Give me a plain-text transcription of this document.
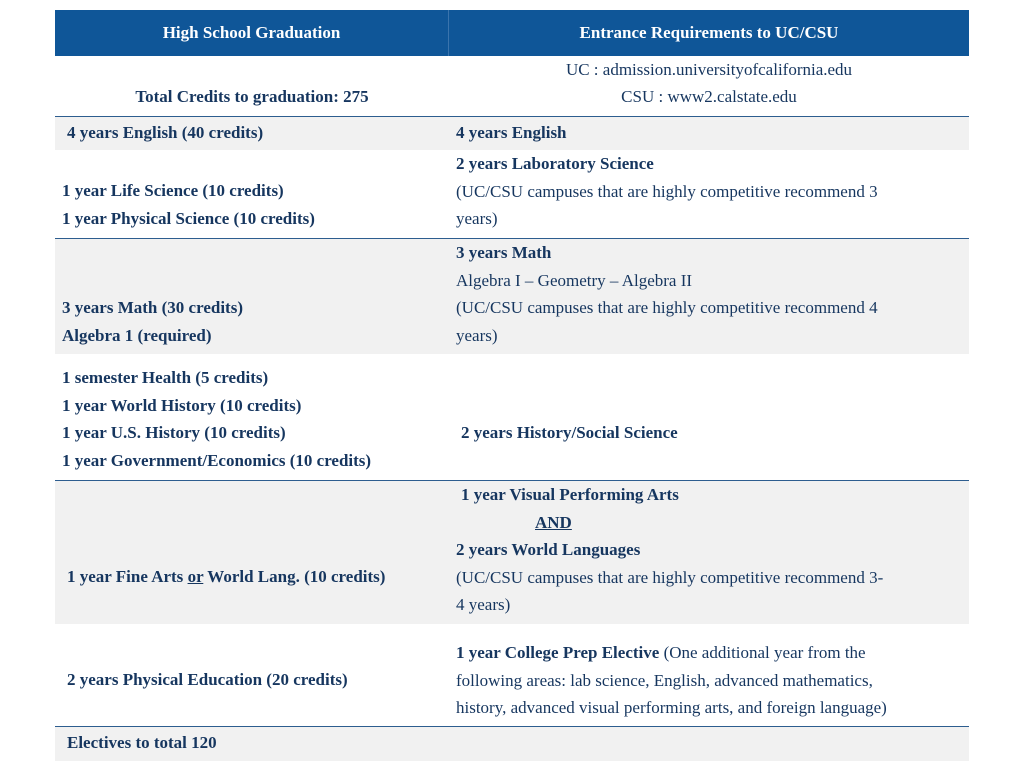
High School Graduation	Entrance Requirements to UC/CSU
Total Credits to graduation: 275
UC : admission.universityofcalifornia.edu
CSU : www2.calstate.edu
4 years English (40 credits)	4 years English
1 year Life Science (10 credits)
1 year Physical Science (10 credits)
2 years Laboratory Science
(UC/CSU campuses that are highly competitive recommend 3
years)
3 years Math (30 credits)
Algebra 1 (required)
3 years Math
Algebra I – Geometry – Algebra II
(UC/CSU campuses that are highly competitive recommend 4
years)
1 semester Health (5 credits)
1 year World History (10 credits)
1 year U.S. History (10 credits)
1 year Government/Economics (10 credits)
2 years History/Social Science
1 year Fine Arts or World Lang. (10 credits)
1 year Visual Performing Arts
AND
2 years World Languages
(UC/CSU campuses that are highly competitive recommend 3-
4 years)
2 years Physical Education (20 credits)
1 year College Prep Elective (One additional year from the
following areas: lab science, English, advanced mathematics,
history, advanced visual performing arts, and foreign language)
Electives to total 120
